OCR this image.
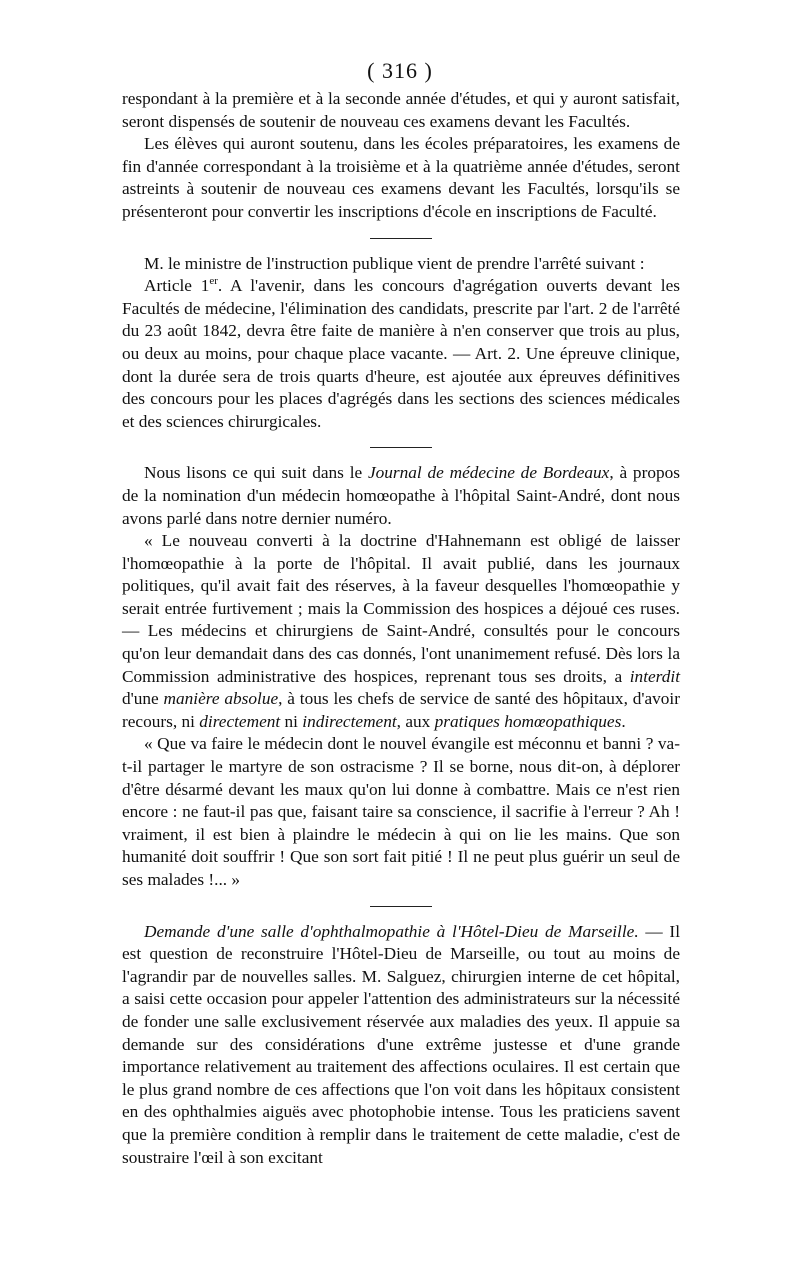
( 316 )

respondant à la première et à la seconde année d'études, et qui y auront satisfait, seront dispensés de soutenir de nouveau ces examens devant les Facultés.

Les élèves qui auront soutenu, dans les écoles préparatoires, les examens de fin d'année correspondant à la troisième et à la quatrième année d'études, seront astreints à soutenir de nouveau ces examens devant les Facultés, lorsqu'ils se présenteront pour convertir les inscriptions d'école en inscriptions de Faculté.

M. le ministre de l'instruction publique vient de prendre l'arrêté suivant :

Article 1er. A l'avenir, dans les concours d'agrégation ouverts devant les Facultés de médecine, l'élimination des candidats, prescrite par l'art. 2 de l'arrêté du 23 août 1842, devra être faite de manière à n'en conserver que trois au plus, ou deux au moins, pour chaque place vacante. — Art. 2. Une épreuve clinique, dont la durée sera de trois quarts d'heure, est ajoutée aux épreuves définitives des concours pour les places d'agrégés dans les sections des sciences médicales et des sciences chirurgicales.

Nous lisons ce qui suit dans le Journal de médecine de Bordeaux, à propos de la nomination d'un médecin homœopathe à l'hôpital Saint-André, dont nous avons parlé dans notre dernier numéro.

« Le nouveau converti à la doctrine d'Hahnemann est obligé de laisser l'homœopathie à la porte de l'hôpital. Il avait publié, dans les journaux politiques, qu'il avait fait des réserves, à la faveur desquelles l'homœopathie y serait entrée furtivement ; mais la Commission des hospices a déjoué ces ruses. — Les médecins et chirurgiens de Saint-André, consultés pour le concours qu'on leur demandait dans des cas donnés, l'ont unanimement refusé. Dès lors la Commission administrative des hospices, reprenant tous ses droits, a interdit d'une manière absolue, à tous les chefs de service de santé des hôpitaux, d'avoir recours, ni directement ni indirectement, aux pratiques homœopathiques.

« Que va faire le médecin dont le nouvel évangile est méconnu et banni ? va-t-il partager le martyre de son ostracisme ? Il se borne, nous dit-on, à déplorer d'être désarmé devant les maux qu'on lui donne à combattre. Mais ce n'est rien encore : ne faut-il pas que, faisant taire sa conscience, il sacrifie à l'erreur ? Ah ! vraiment, il est bien à plaindre le médecin à qui on lie les mains. Que son humanité doit souffrir ! Que son sort fait pitié ! Il ne peut plus guérir un seul de ses malades !... »

Demande d'une salle d'ophthalmopathie à l'Hôtel-Dieu de Marseille. — Il est question de reconstruire l'Hôtel-Dieu de Marseille, ou tout au moins de l'agrandir par de nouvelles salles. M. Salguez, chirurgien interne de cet hôpital, a saisi cette occasion pour appeler l'attention des administrateurs sur la nécessité de fonder une salle exclusivement réservée aux maladies des yeux. Il appuie sa demande sur des considérations d'une extrême justesse et d'une grande importance relativement au traitement des affections oculaires. Il est certain que le plus grand nombre de ces affections que l'on voit dans les hôpitaux consistent en des ophthalmies aiguës avec photophobie intense. Tous les praticiens savent que la première condition à remplir dans le traitement de cette maladie, c'est de soustraire l'œil à son excitant
